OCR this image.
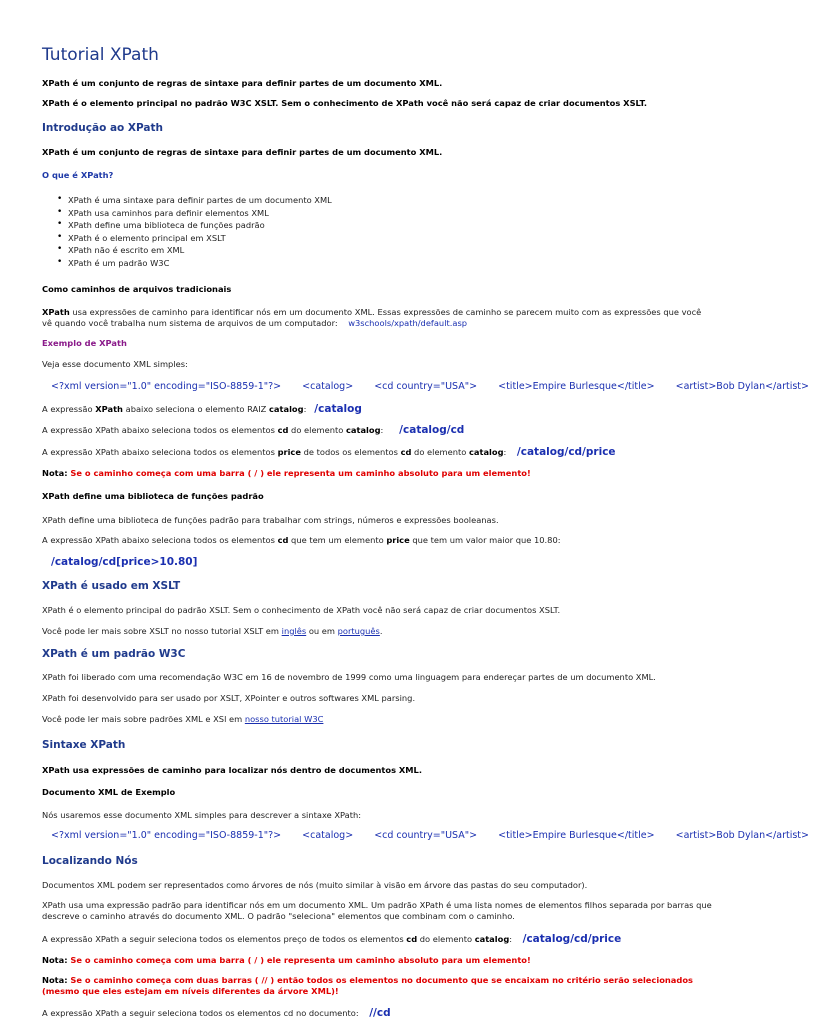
Tutorial XPath
XPath é um conjunto de regras de sintaxe para definir partes de um documento XML.
XPath é o elemento principal no padrão W3C XSLT. Sem o conhecimento de XPath você não será capaz de criar documentos XSLT.
Introdução ao XPath
XPath é um conjunto de regras de sintaxe para definir partes de um documento XML.
O que é XPath?
• XPath é uma sintaxe para definir partes de um documento XML
• XPath usa caminhos para definir elementos XML
• XPath define uma biblioteca de funções padrão
• XPath é o elemento principal em XSLT
• XPath não é escrito em XML
• XPath é um padrão W3C
Como caminhos de arquivos tradicionais
XPath usa expressões de caminho para identificar nós em um documento XML. Essas expressões de caminho se parecem muito com as expressões que você
vê quando você trabalha num sistema de arquivos de um computador: w3schools/xpath/default.asp
Exemplo de XPath
Veja esse documento XML simples:
<?xml version="1.0" encoding="ISO-8859-1"?> <catalog> <cd country="USA"> <title>Empire Burlesque</title> <artist>Bob Dylan</artist>
A expressão XPath abaixo seleciona o elemento RAIZ catalog: /catalog
A expressão XPath abaixo seleciona todos os elementos cd do elemento catalog: /catalog/cd
A expressão XPath abaixo seleciona todos os elementos price de todos os elementos cd do elemento catalog: /catalog/cd/price
Nota: Se o caminho começa com uma barra ( / ) ele representa um caminho absoluto para um elemento!
XPath define uma biblioteca de funções padrão
XPath define uma biblioteca de funções padrão para trabalhar com strings, números e expressões booleanas.
A expressão XPath abaixo seleciona todos os elementos cd que tem um elemento price que tem um valor maior que 10.80:
/catalog/cd[price>10.80]
XPath é usado em XSLT
XPath é o elemento principal do padrão XSLT. Sem o conhecimento de XPath você não será capaz de criar documentos XSLT.
Você pode ler mais sobre XSLT no nosso tutorial XSLT em inglês ou em português.
XPath é um padrão W3C
XPath foi liberado com uma recomendação W3C em 16 de novembro de 1999 como uma linguagem para endereçar partes de um documento XML.
XPath foi desenvolvido para ser usado por XSLT, XPointer e outros softwares XML parsing.
Você pode ler mais sobre padrões XML e XSl em nosso tutorial W3C
Sintaxe XPath
XPath usa expressões de caminho para localizar nós dentro de documentos XML.
Documento XML de Exemplo
Nós usaremos esse documento XML simples para descrever a sintaxe XPath:
<?xml version="1.0" encoding="ISO-8859-1"?> <catalog> <cd country="USA"> <title>Empire Burlesque</title> <artist>Bob Dylan</artist>
Localizando Nós
Documentos XML podem ser representados como árvores de nós (muito similar à visão em árvore das pastas do seu computador).
XPath usa uma expressão padrão para identificar nós em um documento XML. Um padrão XPath é uma lista nomes de elementos filhos separada por barras que
descreve o caminho através do documento XML. O padrão "seleciona" elementos que combinam com o caminho.
A expressão XPath a seguir seleciona todos os elementos preço de todos os elementos cd do elemento catalog: /catalog/cd/price
Nota: Se o caminho começa com uma barra ( / ) ele representa um caminho absoluto para um elemento!
Nota: Se o caminho começa com duas barras ( // ) então todos os elementos no documento que se encaixam no critério serão selecionados
(mesmo que eles estejam em níveis diferentes da árvore XML)!
A expressão XPath a seguir seleciona todos os elementos cd no documento: //cd
